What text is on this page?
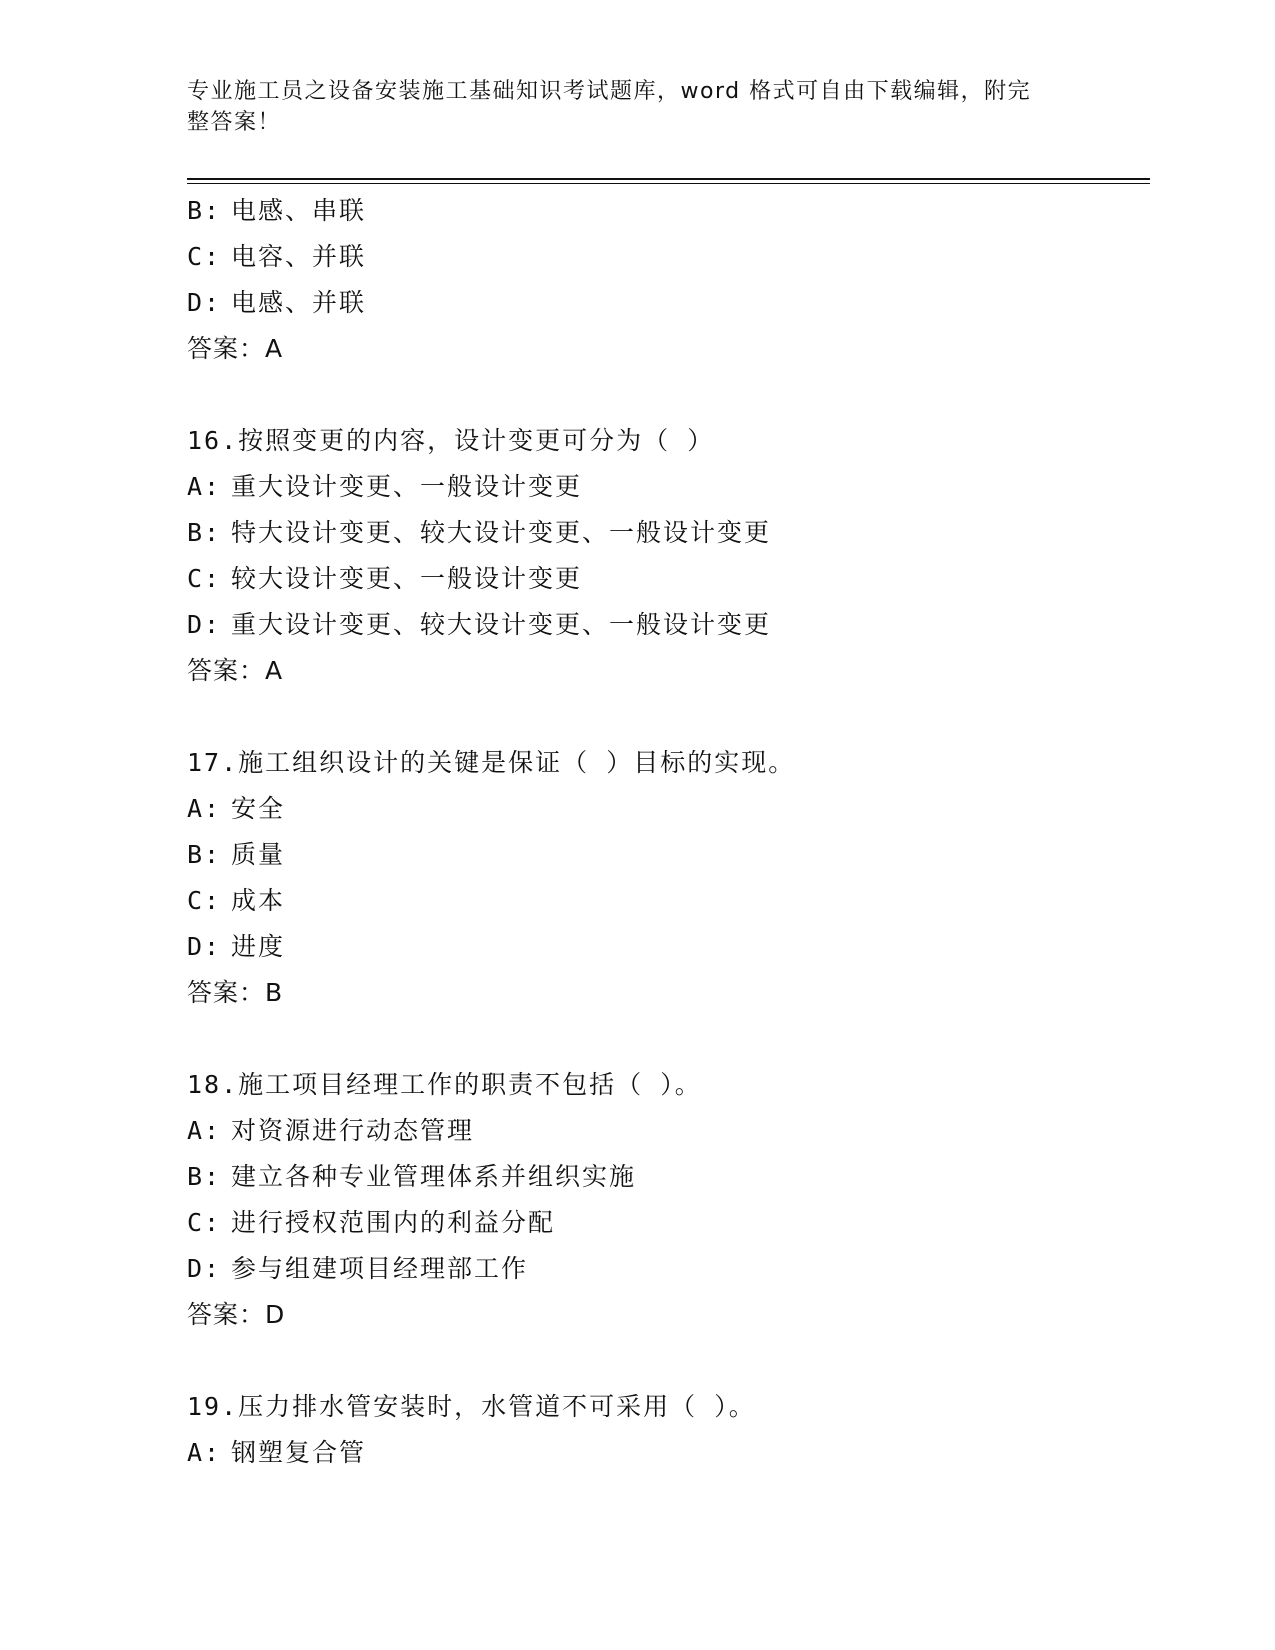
专业施工员之设备安装施工基础知识考试题库，word 格式可自由下载编辑，附完
整答案！
B: 电感、串联
C: 电容、并联
D: 电感、并联
答案：A
16.按照变更的内容，设计变更可分为（ ）
A: 重大设计变更、一般设计变更
B: 特大设计变更、较大设计变更、一般设计变更
C: 较大设计变更、一般设计变更
D: 重大设计变更、较大设计变更、一般设计变更
答案：A
17.施工组织设计的关键是保证（ ）目标的实现。
A: 安全
B: 质量
C: 成本
D: 进度
答案：B
18.施工项目经理工作的职责不包括（ ）。
A: 对资源进行动态管理
B: 建立各种专业管理体系并组织实施
C: 进行授权范围内的利益分配
D: 参与组建项目经理部工作
答案：D
19.压力排水管安装时，水管道不可采用（ ）。
A: 钢塑复合管
